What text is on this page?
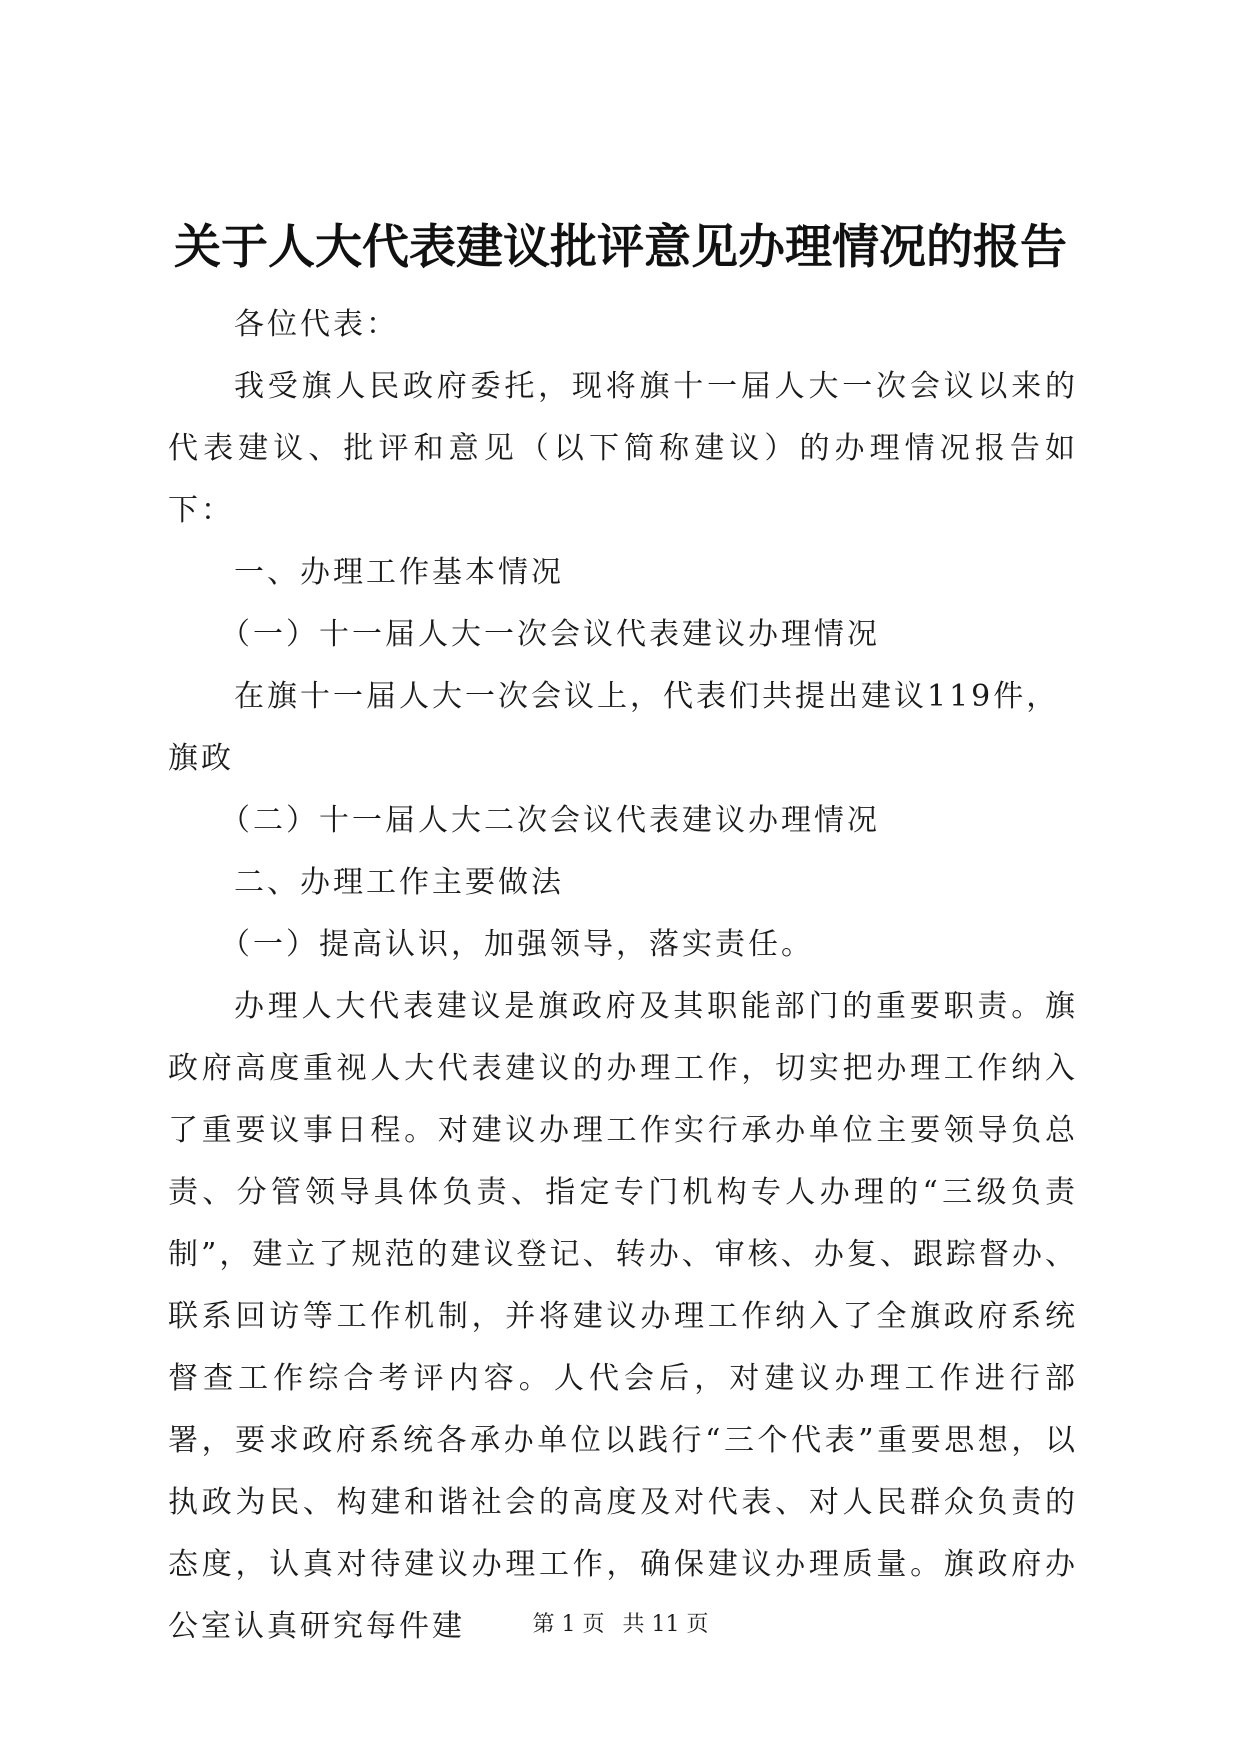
关于人大代表建议批评意见办理情况的报告

各位代表：

我受旗人民政府委托，现将旗十一届人大一次会议以来的代表建议、批评和意见（以下简称建议）的办理情况报告如下：

一、办理工作基本情况

（一）十一届人大一次会议代表建议办理情况

在旗十一届人大一次会议上，代表们共提出建议119件，旗政

（二）十一届人大二次会议代表建议办理情况

二、办理工作主要做法

（一）提高认识，加强领导，落实责任。

办理人大代表建议是旗政府及其职能部门的重要职责。旗政府高度重视人大代表建议的办理工作，切实把办理工作纳入了重要议事日程。对建议办理工作实行承办单位主要领导负总责、分管领导具体负责、指定专门机构专人办理的“三级负责制”，建立了规范的建议登记、转办、审核、办复、跟踪督办、联系回访等工作机制，并将建议办理工作纳入了全旗政府系统督查工作综合考评内容。人代会后，对建议办理工作进行部署，要求政府系统各承办单位以践行“三个代表”重要思想，以执政为民、构建和谐社会的高度及对代表、对人民群众负责的态度，认真对待建议办理工作，确保建议办理质量。旗政府办公室认真研究每件建	第 1 页 共 11 页
